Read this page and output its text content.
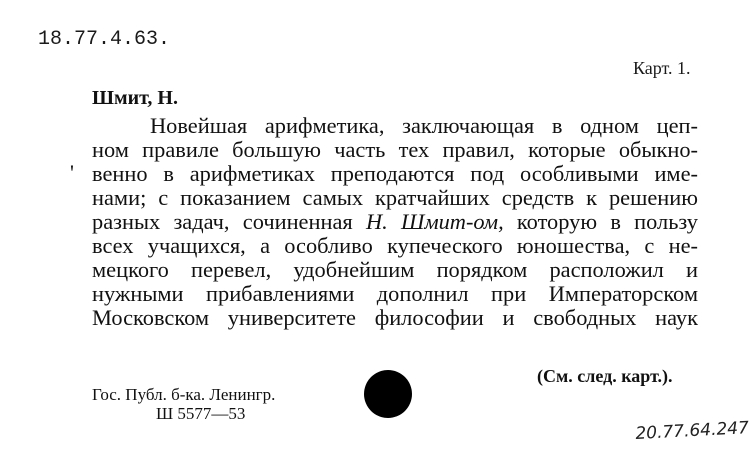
18.77.4.63.
Карт. 1.
Шмит, Н.
'
Новейшая арифметика, заключающая в одном цеп-
ном правиле большую часть тех правил, которые обыкно-
венно в арифметиках преподаются под особливыми име-
нами; с показанием самых кратчайших средств к решению
разных задач, сочиненная Н. Шмит-ом, которую в пользу
всех учащихся, а особливо купеческого юношества, с не-
мецкого перевел, удобнейшим порядком расположил и
нужными прибавлениями дополнил при Императорском
Московском университете философии и свободных наук
(См. след. карт.).
Гос. Публ. б-ка. Ленингр.
Ш 5577—53
20.77.64.247
